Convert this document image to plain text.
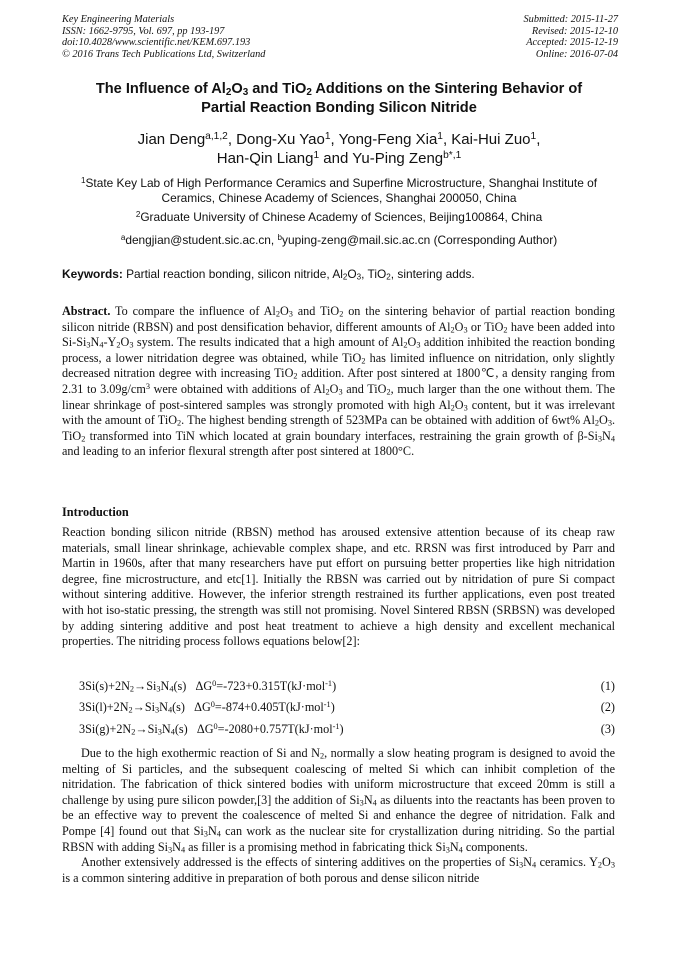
Key Engineering Materials
ISSN: 1662-9795, Vol. 697, pp 193-197
doi:10.4028/www.scientific.net/KEM.697.193
© 2016 Trans Tech Publications Ltd, Switzerland
Submitted: 2015-11-27
Revised: 2015-12-10
Accepted: 2015-12-19
Online: 2016-07-04
The Influence of $Al_2O_3$ and TiO$_2$ Additions on the Sintering Behavior of
Partial Reaction Bonding Silicon Nitride
Jian Deng$^{a,1,2}$, Dong-Xu Yao$^1$, Yong-Feng Xia$^1$, Kai-Hui Zuo$^1$,
Han-Qin Liang$^1$ and Yu-Ping Zeng$^{b*,1}$
$^1$State Key Lab of High Performance Ceramics and Superfine Microstructure, Shanghai Institute of
Ceramics, Chinese Academy of Sciences, Shanghai 200050, China
$^2$Graduate University of Chinese Academy of Sciences, Beijing100864, China
$^a$dengjian@student.sic.ac.cn, $^b$yuping-zeng@mail.sic.ac.cn (Corresponding Author)
Keywords: Partial reaction bonding, silicon nitride, $Al_2O_3$, TiO$_2$, sintering adds.

Abstract. To compare the influence of $Al_2O_3$ and TiO$_2$ on the sintering behavior of partial reaction bonding silicon nitride (RBSN) and post densification behavior, different amounts of $Al_2O_3$ or TiO$_2$ have been added into $Si-Si_3N_4-Y_2O_3$ system. The results indicated that a high amount of $Al_2O_3$ addition inhibited the reaction bonding process, a lower nitridation degree was obtained, while TiO$_2$ has limited influence on nitridation, only slightly decreased nitration degree with increasing TiO$_2$ addition. After post sintered at 1800℃, a density ranging from 2.31 to $3.09g/cm^3$ were obtained with additions of $Al_2O_3$ and TiO$_2$, much larger than the one without them. The linear shrinkage of post-sintered samples was strongly promoted with high $Al_2O_3$ content, but it was irrelevant with the amount of TiO$_2$. The highest bending strength of 523MPa can be obtained with addition of 6wt% $Al_2O_3$. TiO$_2$ transformed into TiN which located at grain boundary interfaces, restraining the grain growth of $\beta-Si_3N_4$ and leading to an inferior flexural strength after post sintered at 1800°C.

Introduction

Reaction bonding silicon nitride (RBSN) method has aroused extensive attention because of its cheap raw materials, small linear shrinkage, achievable complex shape, and etc. RRSN was first introduced by Parr and Martin in 1960s, after that many researchers have put effort on pursuing better properties like high nitridation degree, fine microstructure, and etc[1]. Initially the RBSN was carried out by nitridation of pure Si compact without sintering additive. However, the inferior strength restrained its further applications, even post treated with hot iso-static pressing, the strength was still not promising. Novel Sintered RBSN (SRBSN) was developed by adding sintering additive and post heat treatment to achieve a high density and excellent mechanical properties. The nitriding process follows equations below[2]:

$3Si(s)+2N_2\to Si_3N_4(s)$ $\Delta G^0=-723+0.315T(kJ\cdot mol^{-1})$	(1)
$3Si(l)+2N_2\to Si_3N_4(s)$ $\Delta G^0=-874+0.405T(kJ\cdot mol^{-1})$	(2)
$3Si(g)+2N_2\to Si_3N_4(s)$ $\Delta G^0=-2080+0.757T(kJ\cdot mol^{-1})$	(3)

Due to the high exothermic reaction of Si and $N_2$, normally a slow heating program is designed to avoid the melting of Si particles, and the subsequent coalescing of melted Si which can inhibit completion of the nitridation. The fabrication of thick sintered bodies with uniform microstructure that exceed 20mm is still a challenge by using pure silicon powder,[3] the addition of $Si_3N_4$ as diluents into the reactants has been proven to be an effective way to prevent the coalescence of melted Si and enhance the degree of nitridation. Falk and Pompe [4] found out that $Si_3N_4$ can work as the nuclear site for crystallization during nitriding. So the partial RBSN with adding $Si_3N_4$ as filler is a promising method in fabricating thick $Si_3N_4$ components.

Another extensively addressed is the effects of sintering additives on the properties of $Si_3N_4$ ceramics. $Y_2O_3$ is a common sintering additive in preparation of both porous and dense silicon nitride
